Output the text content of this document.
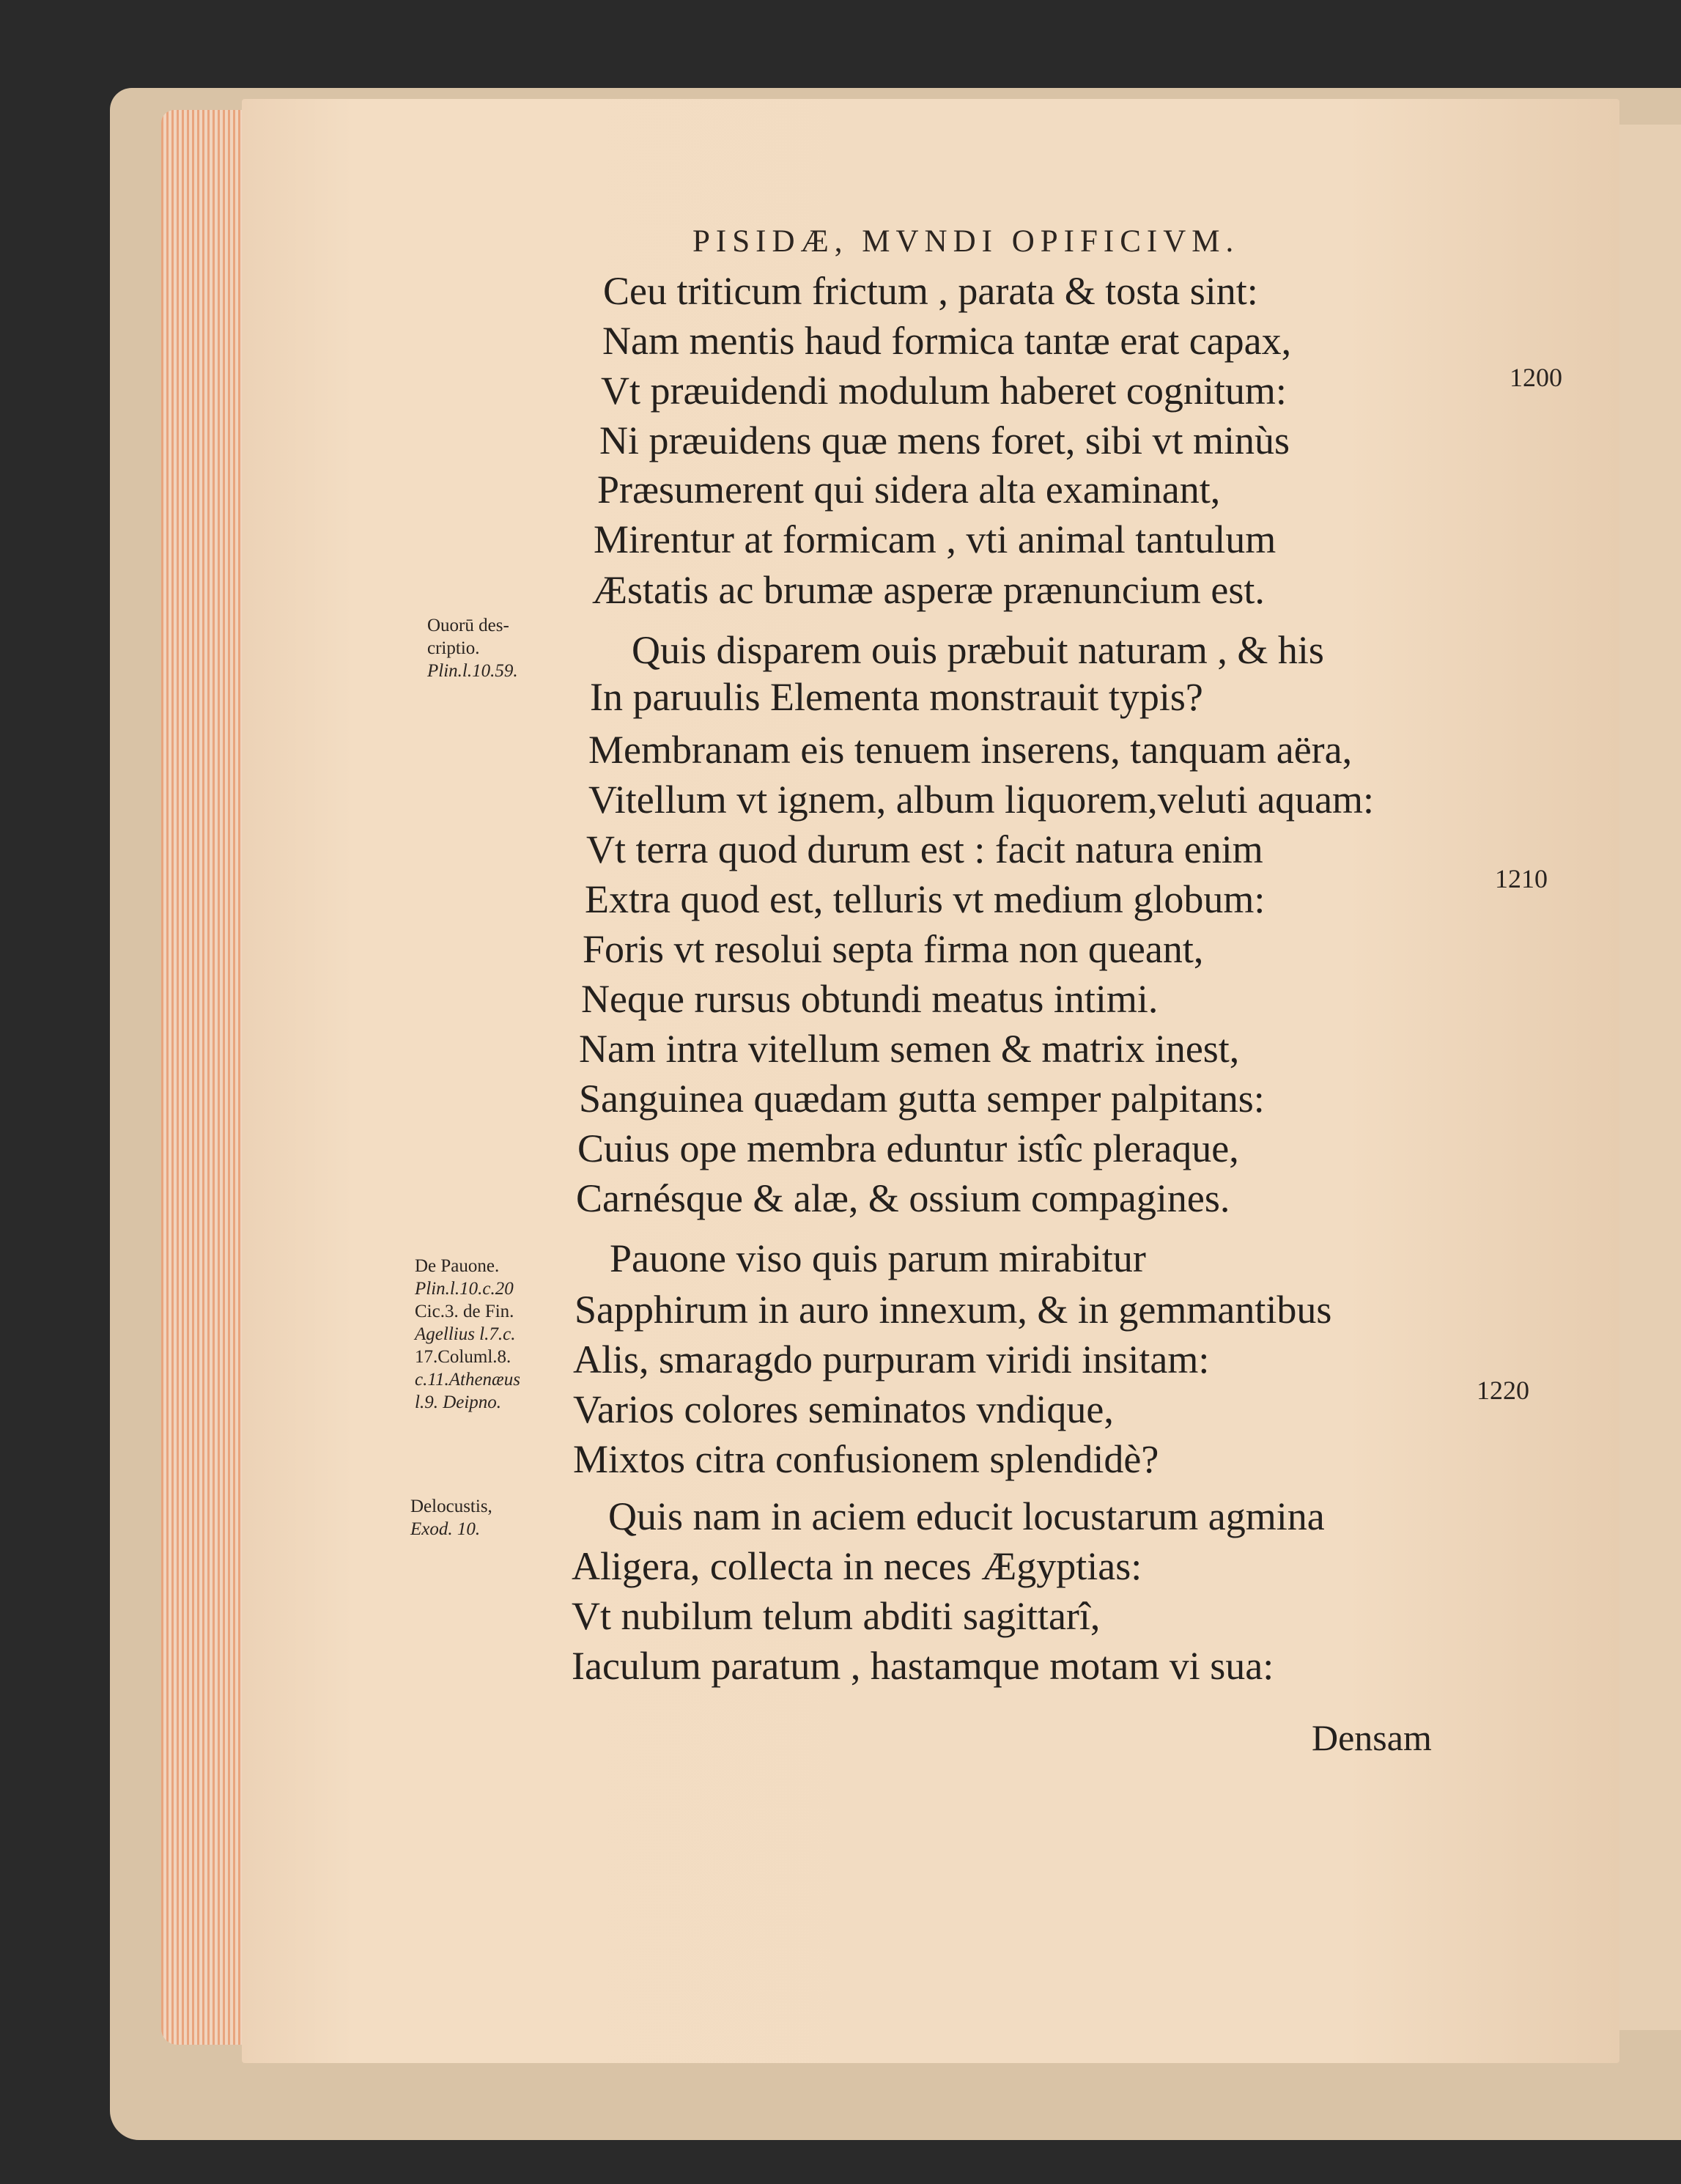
PISIDÆ, MVNDI OPIFICIVM.
Ceu triticum frictum , parata & tosta sint:
Nam mentis haud formica tantæ erat capax,
Vt præuidendi modulum haberet cognitum:
Ni præuidens quæ mens foret, sibi vt minùs
Præsumerent qui sidera alta examinant,
Mirentur at formicam , vti animal tantulum
Æstatis ac brumæ asperæ prænuncium est.
Quis disparem ouis præbuit naturam , & his
In paruulis Elementa monstrauit typis?
Membranam eis tenuem inserens, tanquam aëra,
Vitellum vt ignem, album liquorem,veluti aquam:
Vt terra quod durum est : facit natura enim
Extra quod est, telluris vt medium globum:
Foris vt resolui septa firma non queant,
Neque rursus obtundi meatus intimi.
Nam intra vitellum semen & matrix inest,
Sanguinea quædam gutta semper palpitans:
Cuius ope membra eduntur istîc pleraque,
Carnésque & alæ, & ossium compagines.
Pauone viso quis parum mirabitur
Sapphirum in auro innexum, & in gemmantibus
Alis, smaragdo purpuram viridi insitam:
Varios colores seminatos vndique,
Mixtos citra confusionem splendidè?
Quis nam in aciem educit locustarum agmina
Aligera, collecta in neces Ægyptias:
Vt nubilum telum abditi sagittarî,
Iaculum paratum , hastamque motam vi sua:
1200
1210
1220
Ouorū des-
criptio.
Plin.l.10.59.
De Pauone.
Plin.l.10.c.20
Cic.3. de Fin.
Agellius l.7.c.
17.Columl.8.
c.11.Athenæus
l.9. Deipno.
Delocustis,
Exod. 10.
Densam
